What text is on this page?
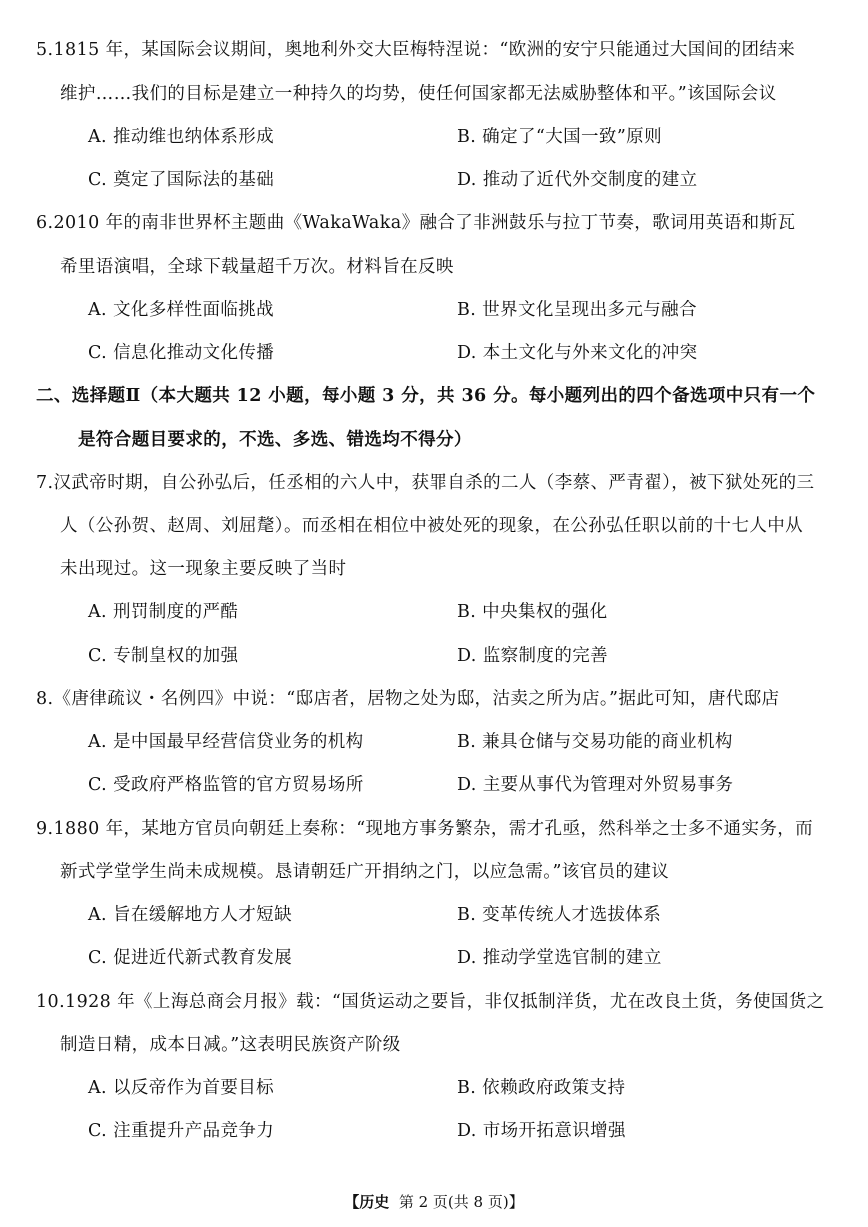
5.1815 年，某国际会议期间，奥地利外交大臣梅特涅说：“欧洲的安宁只能通过大国间的团结来
维护……我们的目标是建立一种持久的均势，使任何国家都无法威胁整体和平。”该国际会议
A. 推动维也纳体系形成	B. 确定了“大国一致”原则
C. 奠定了国际法的基础	D. 推动了近代外交制度的建立
6.2010 年的南非世界杯主题曲《WakaWaka》融合了非洲鼓乐与拉丁节奏，歌词用英语和斯瓦
希里语演唱，全球下载量超千万次。材料旨在反映
A. 文化多样性面临挑战	B. 世界文化呈现出多元与融合
C. 信息化推动文化传播	D. 本土文化与外来文化的冲突
二、选择题Ⅱ（本大题共 12 小题，每小题 3 分，共 36 分。每小题列出的四个备选项中只有一个
是符合题目要求的，不选、多选、错选均不得分）
7.汉武帝时期，自公孙弘后，任丞相的六人中，获罪自杀的二人（李蔡、严青翟），被下狱处死的三
人（公孙贺、赵周、刘屈氂）。而丞相在相位中被处死的现象，在公孙弘任职以前的十七人中从
未出现过。这一现象主要反映了当时
A. 刑罚制度的严酷	B. 中央集权的强化
C. 专制皇权的加强	D. 监察制度的完善
8.《唐律疏议・名例四》中说：“邸店者，居物之处为邸，沽卖之所为店。”据此可知，唐代邸店
A. 是中国最早经营信贷业务的机构	B. 兼具仓储与交易功能的商业机构
C. 受政府严格监管的官方贸易场所	D. 主要从事代为管理对外贸易事务
9.1880 年，某地方官员向朝廷上奏称：“现地方事务繁杂，需才孔亟，然科举之士多不通实务，而
新式学堂学生尚未成规模。恳请朝廷广开捐纳之门，以应急需。”该官员的建议
A. 旨在缓解地方人才短缺	B. 变革传统人才选拔体系
C. 促进近代新式教育发展	D. 推动学堂选官制的建立
10.1928 年《上海总商会月报》载：“国货运动之要旨，非仅抵制洋货，尤在改良土货，务使国货之
制造日精，成本日减。”这表明民族资产阶级
A. 以反帝作为首要目标	B. 依赖政府政策支持
C. 注重提升产品竞争力	D. 市场开拓意识增强
【历史 第 2 页(共 8 页)】
